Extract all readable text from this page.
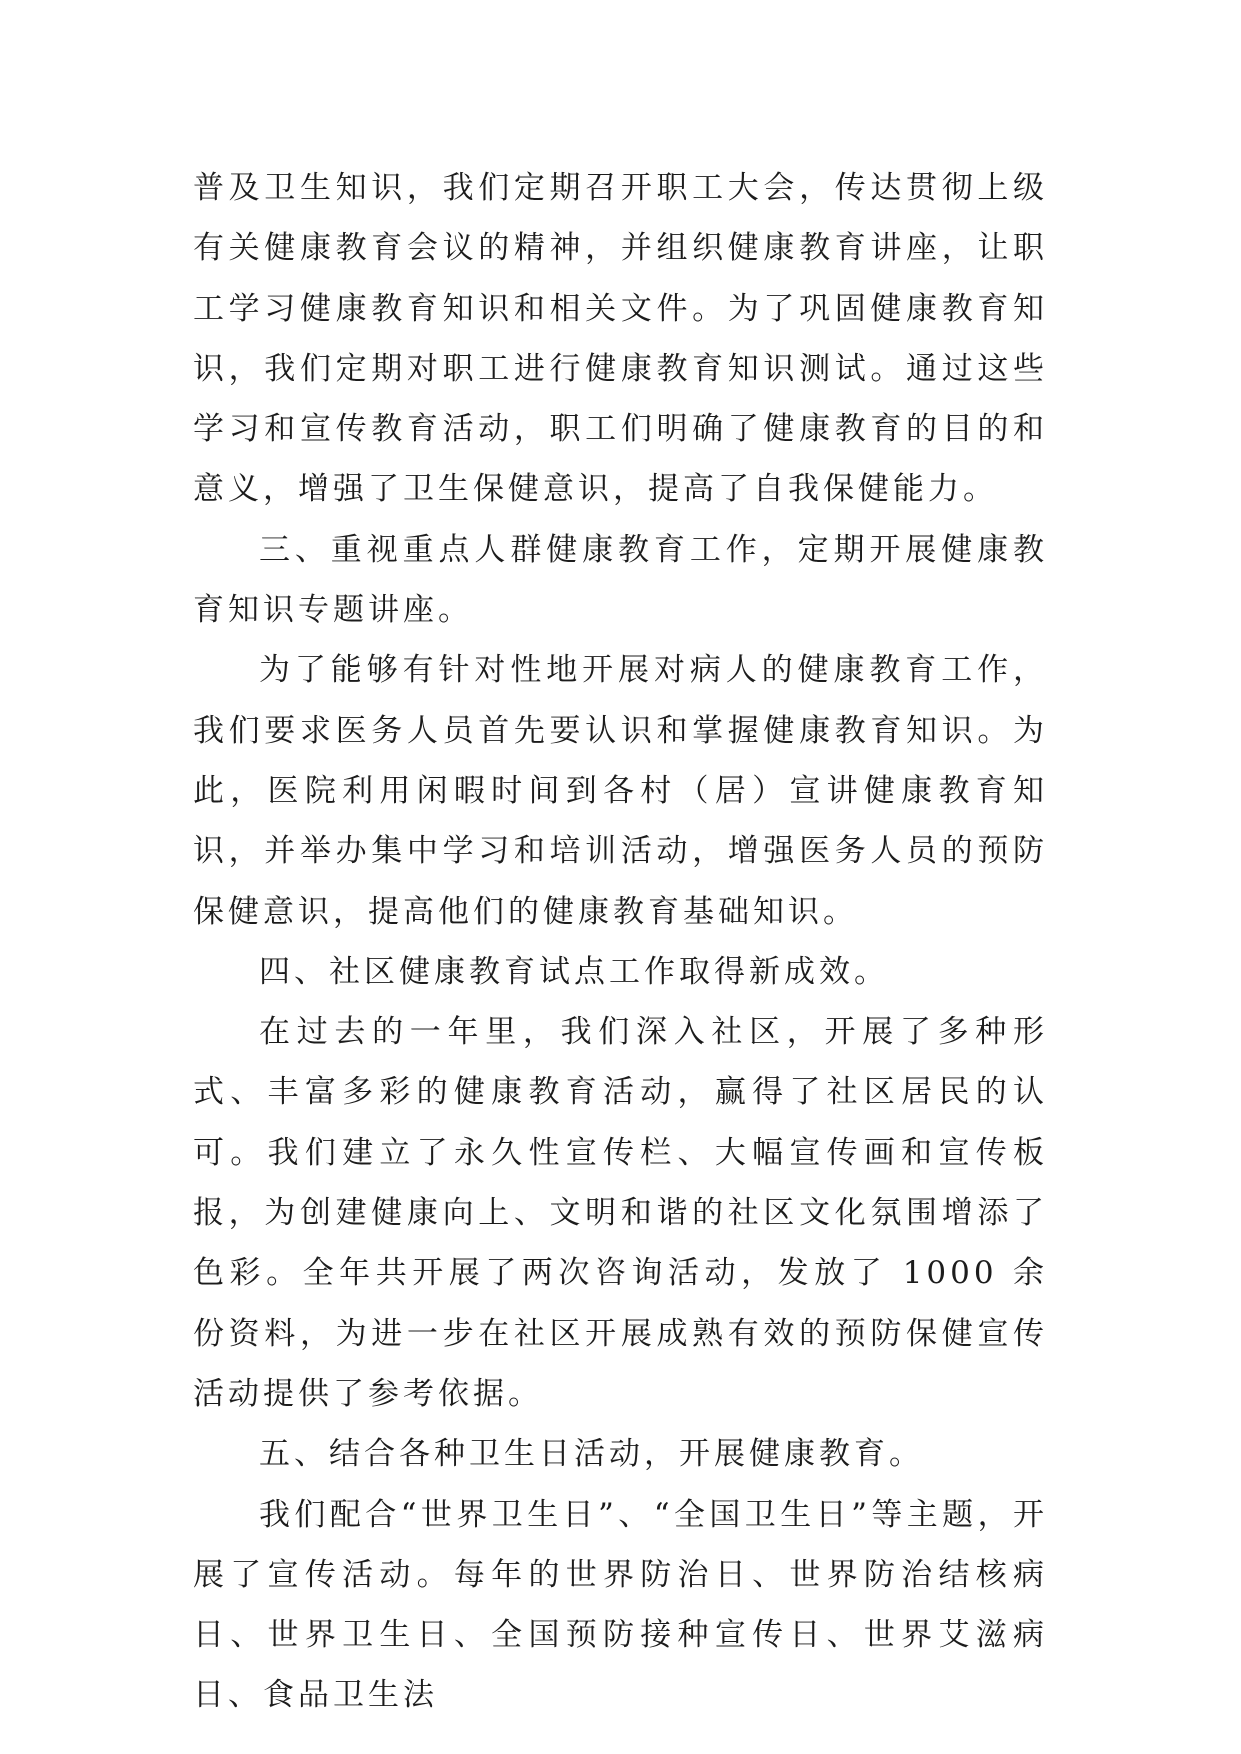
普及卫生知识，我们定期召开职工大会，传达贯彻上级有关健康教育会议的精神，并组织健康教育讲座，让职工学习健康教育知识和相关文件。为了巩固健康教育知识，我们定期对职工进行健康教育知识测试。通过这些学习和宣传教育活动，职工们明确了健康教育的目的和意义，增强了卫生保健意识，提高了自我保健能力。

三、重视重点人群健康教育工作，定期开展健康教育知识专题讲座。

为了能够有针对性地开展对病人的健康教育工作，我们要求医务人员首先要认识和掌握健康教育知识。为此，医院利用闲暇时间到各村（居）宣讲健康教育知识，并举办集中学习和培训活动，增强医务人员的预防保健意识，提高他们的健康教育基础知识。

四、社区健康教育试点工作取得新成效。

在过去的一年里，我们深入社区，开展了多种形式、丰富多彩的健康教育活动，赢得了社区居民的认可。我们建立了永久性宣传栏、大幅宣传画和宣传板报，为创建健康向上、文明和谐的社区文化氛围增添了色彩。全年共开展了两次咨询活动，发放了 1000 余份资料，为进一步在社区开展成熟有效的预防保健宣传活动提供了参考依据。

五、结合各种卫生日活动，开展健康教育。

我们配合“世界卫生日”、“全国卫生日”等主题，开展了宣传活动。每年的世界防治日、世界防治结核病日、世界卫生日、全国预防接种宣传日、世界艾滋病日、食品卫生法
